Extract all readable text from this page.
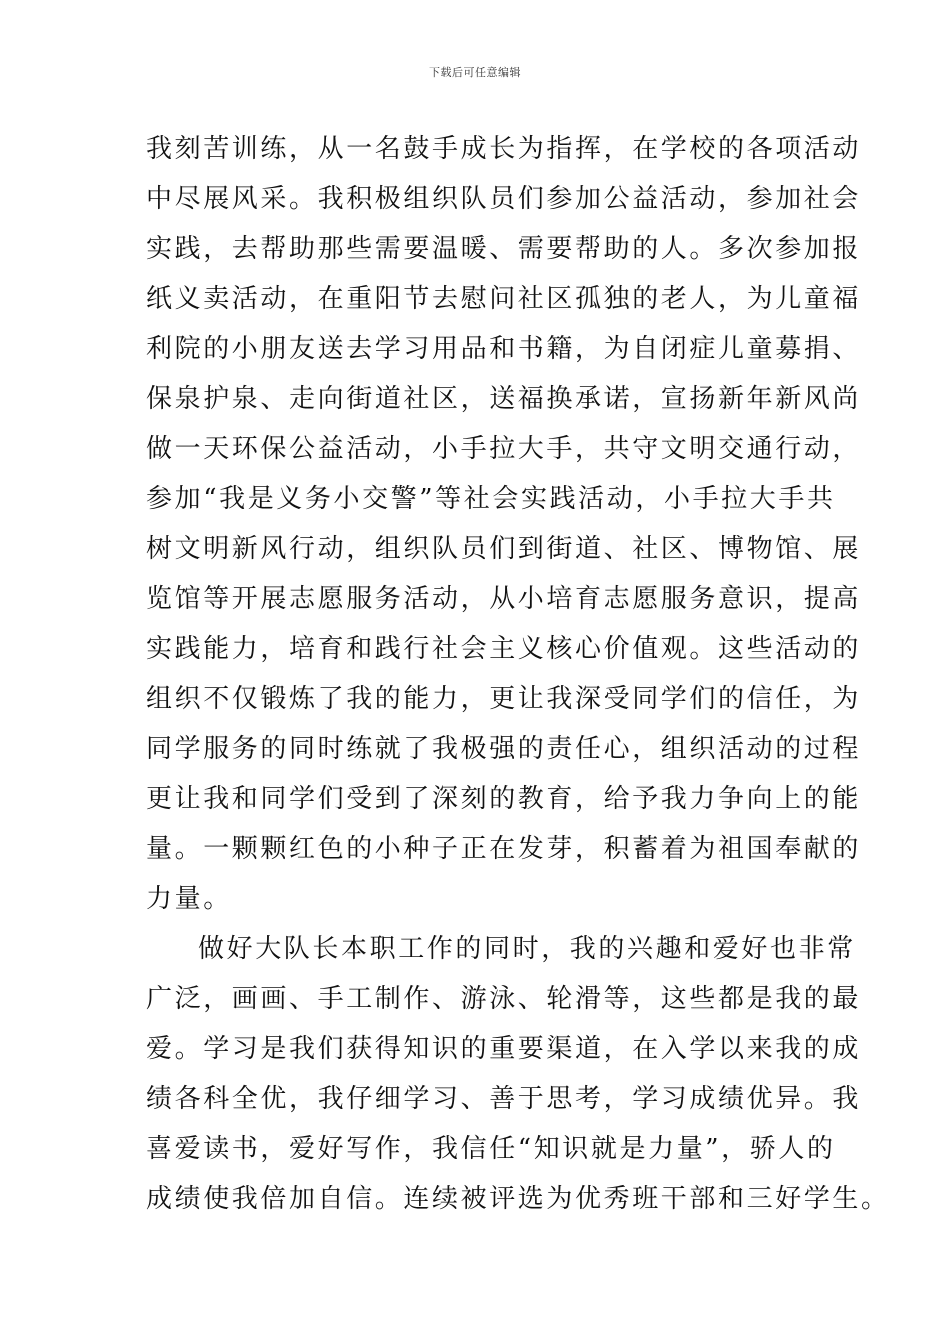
下载后可任意编辑
我刻苦训练，从一名鼓手成长为指挥，在学校的各项活动
中尽展风采。我积极组织队员们参加公益活动，参加社会
实践，去帮助那些需要温暖、需要帮助的人。多次参加报
纸义卖活动，在重阳节去慰问社区孤独的老人，为儿童福
利院的小朋友送去学习用品和书籍，为自闭症儿童募捐、
保泉护泉、走向街道社区，送福换承诺，宣扬新年新风尚
做一天环保公益活动，小手拉大手，共守文明交通行动，
参加“我是义务小交警”等社会实践活动，小手拉大手共
树文明新风行动，组织队员们到街道、社区、博物馆、展
览馆等开展志愿服务活动，从小培育志愿服务意识，提高
实践能力，培育和践行社会主义核心价值观。这些活动的
组织不仅锻炼了我的能力，更让我深受同学们的信任，为
同学服务的同时练就了我极强的责任心，组织活动的过程
更让我和同学们受到了深刻的教育，给予我力争向上的能
量。一颗颗红色的小种子正在发芽，积蓄着为祖国奉献的
力量。
做好大队长本职工作的同时，我的兴趣和爱好也非常
广泛，画画、手工制作、游泳、轮滑等，这些都是我的最
爱。学习是我们获得知识的重要渠道，在入学以来我的成
绩各科全优，我仔细学习、善于思考，学习成绩优异。我
喜爱读书，爱好写作，我信任“知识就是力量”，骄人的
成绩使我倍加自信。连续被评选为优秀班干部和三好学生。
